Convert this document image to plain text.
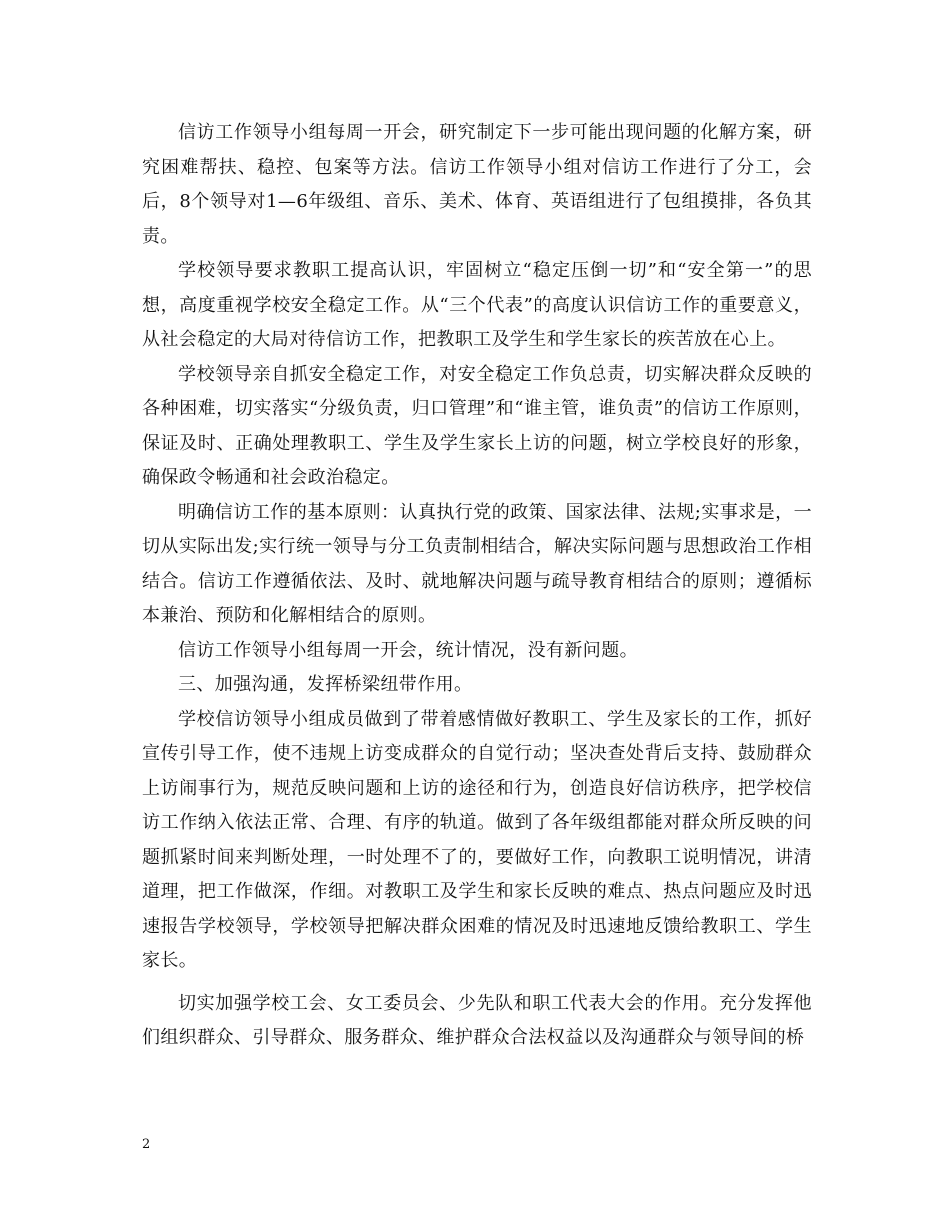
信访工作领导小组每周一开会，研究制定下一步可能出现问题的化解方案，研究困难帮扶、稳控、包案等方法。信访工作领导小组对信访工作进行了分工，会后，8个领导对1—6年级组、音乐、美术、体育、英语组进行了包组摸排，各负其责。

学校领导要求教职工提高认识，牢固树立“稳定压倒一切”和“安全第一”的思想，高度重视学校安全稳定工作。从“三个代表”的高度认识信访工作的重要意义，从社会稳定的大局对待信访工作，把教职工及学生和学生家长的疾苦放在心上。

学校领导亲自抓安全稳定工作，对安全稳定工作负总责，切实解决群众反映的各种困难，切实落实“分级负责，归口管理”和“谁主管，谁负责”的信访工作原则，保证及时、正确处理教职工、学生及学生家长上访的问题，树立学校良好的形象，确保政令畅通和社会政治稳定。

明确信访工作的基本原则：认真执行党的政策、国家法律、法规;实事求是，一切从实际出发;实行统一领导与分工负责制相结合，解决实际问题与思想政治工作相结合。信访工作遵循依法、及时、就地解决问题与疏导教育相结合的原则；遵循标本兼治、预防和化解相结合的原则。

信访工作领导小组每周一开会，统计情况，没有新问题。

三、加强沟通，发挥桥梁纽带作用。

学校信访领导小组成员做到了带着感情做好教职工、学生及家长的工作，抓好宣传引导工作，使不违规上访变成群众的自觉行动；坚决查处背后支持、鼓励群众上访闹事行为，规范反映问题和上访的途径和行为，创造良好信访秩序，把学校信访工作纳入依法正常、合理、有序的轨道。做到了各年级组都能对群众所反映的问题抓紧时间来判断处理，一时处理不了的，要做好工作，向教职工说明情况，讲清道理，把工作做深，作细。对教职工及学生和家长反映的难点、热点问题应及时迅速报告学校领导，学校领导把解决群众困难的情况及时迅速地反馈给教职工、学生家长。

切实加强学校工会、女工委员会、少先队和职工代表大会的作用。充分发挥他们组织群众、引导群众、服务群众、维护群众合法权益以及沟通群众与领导间的桥

2
